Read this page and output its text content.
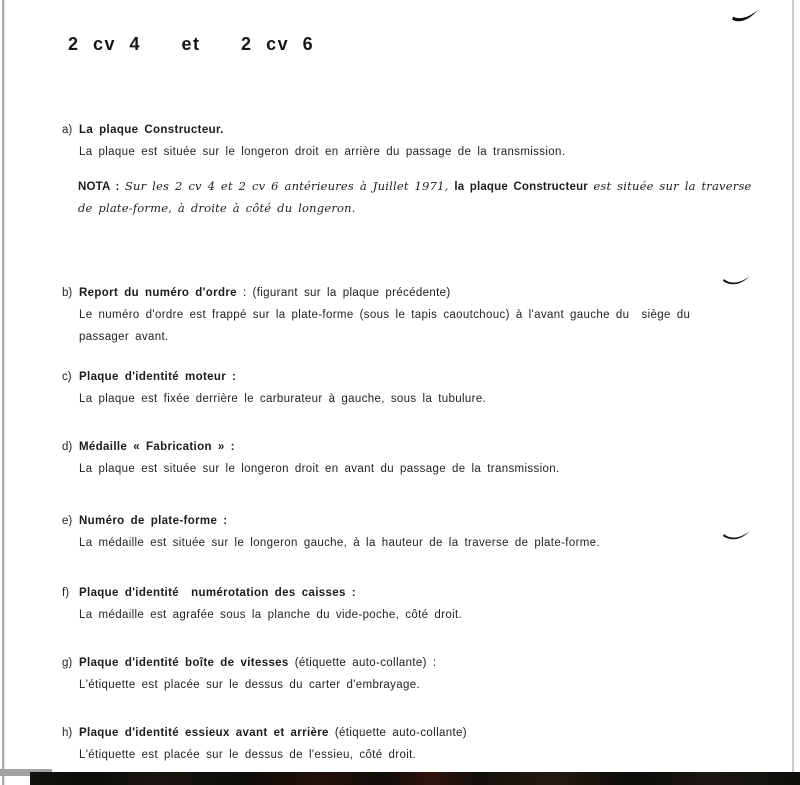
2 cv 4   et   2 cv 6
a) La plaque Constructeur.
La plaque est située sur le longeron droit en arrière du passage de la transmission.
NOTA : Sur les 2 cv 4 et 2 cv 6 antérieures à Juillet 1971, la plaque Constructeur est située sur la traverse
de plate-forme, à droite à côté du longeron.
b) Report du numéro d'ordre : (figurant sur la plaque précédente)
Le numéro d'ordre est frappé sur la plate-forme (sous le tapis caoutchouc) à l'avant gauche du  siège du
passager avant.
c) Plaque d'identité moteur :
La plaque est fixée derrière le carburateur à gauche, sous la tubulure.
d) Médaille « Fabrication » :
La plaque est située sur le longeron droit en avant du passage de la transmission.
e) Numéro de plate-forme :
La médaille est située sur le longeron gauche, à la hauteur de la traverse de plate-forme.
f) Plaque d'identité  numérotation des caisses :
La médaille est agrafée sous la planche du vide-poche, côté droit.
g) Plaque d'identité boîte de vitesses (étiquette auto-collante) :
L'étiquette est placée sur le dessus du carter d'embrayage.
h) Plaque d'identité essieux avant et arrière (étiquette auto-collante)
L'étiquette est placée sur le dessus de l'essieu, côté droit.
